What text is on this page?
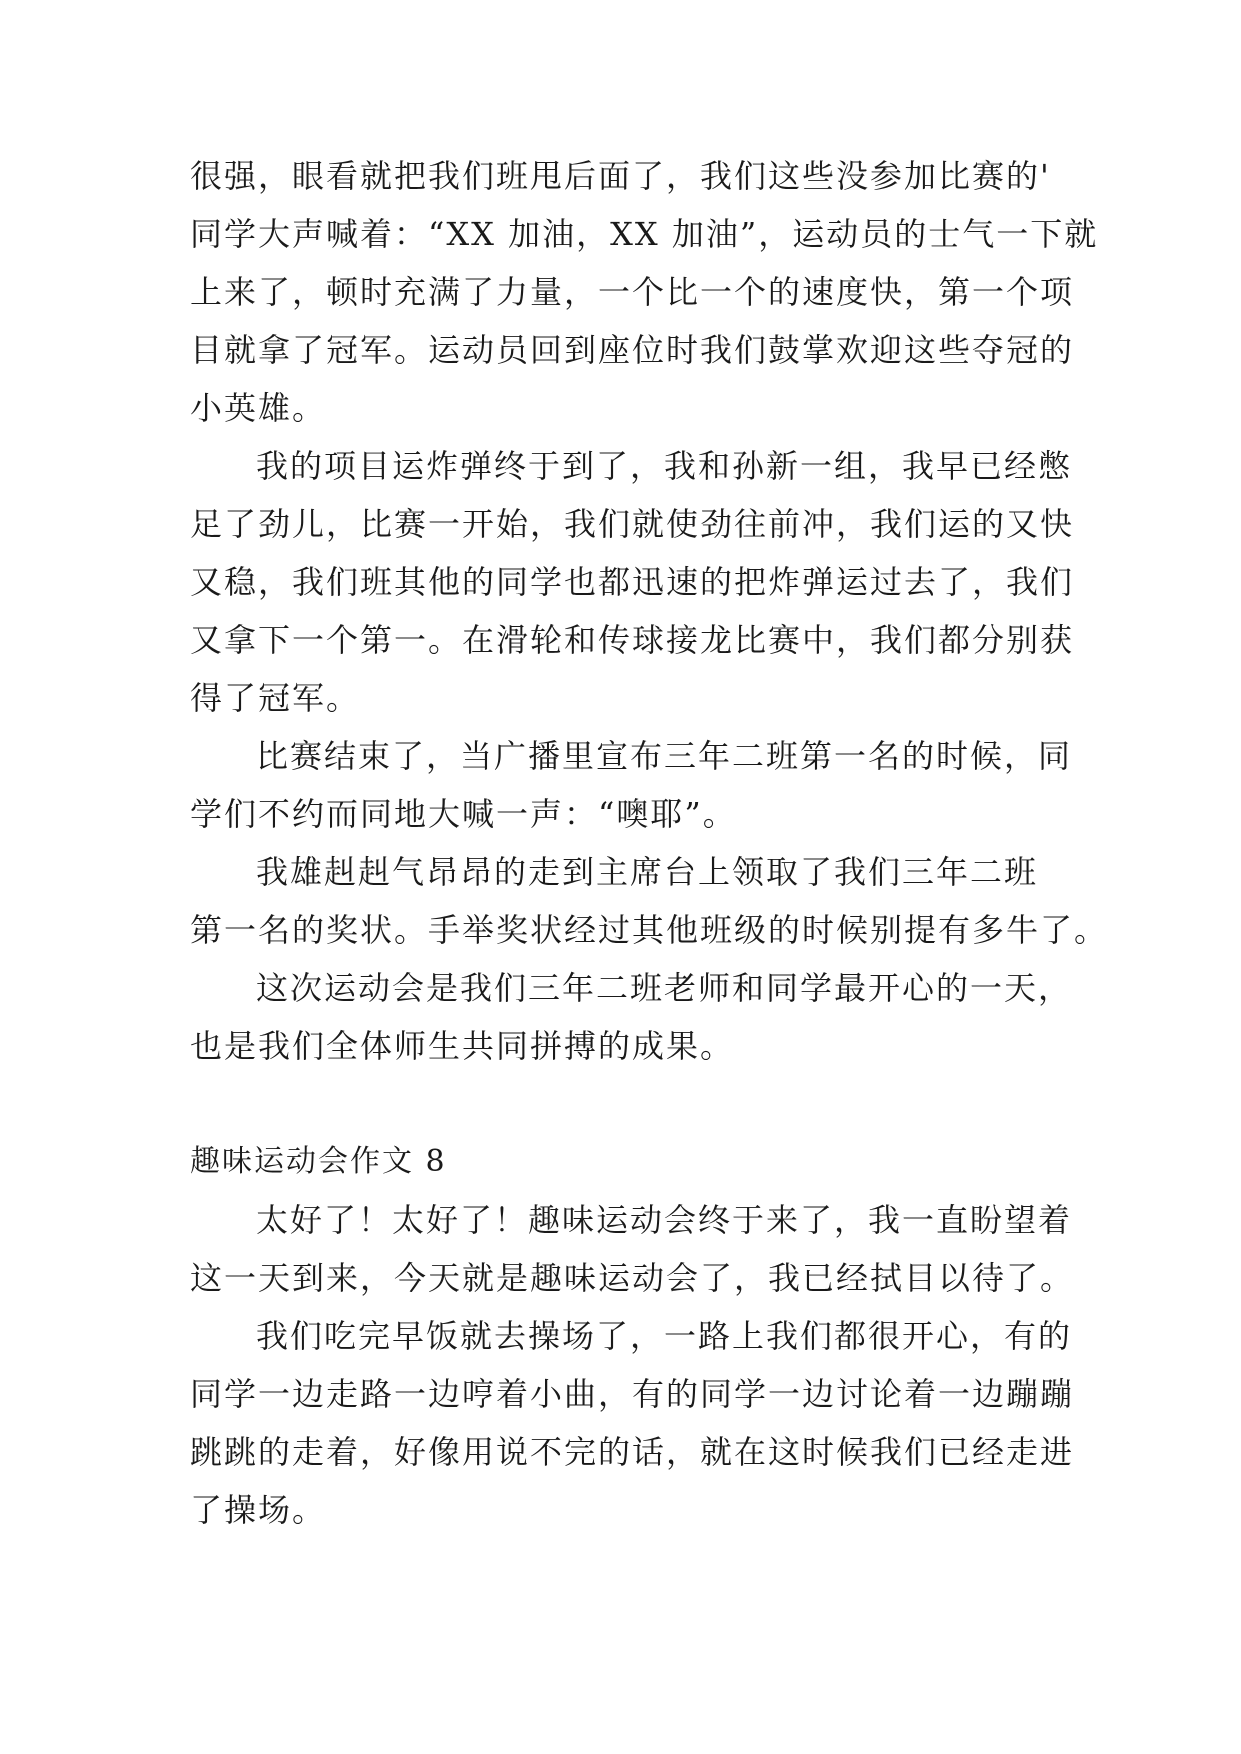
很强，眼看就把我们班甩后面了，我们这些没参加比赛的'
同学大声喊着：“XX 加油，XX 加油”，运动员的士气一下就
上来了，顿时充满了力量，一个比一个的速度快，第一个项
目就拿了冠军。运动员回到座位时我们鼓掌欢迎这些夺冠的
小英雄。
我的项目运炸弹终于到了，我和孙新一组，我早已经憋
足了劲儿，比赛一开始，我们就使劲往前冲，我们运的又快
又稳，我们班其他的同学也都迅速的把炸弹运过去了，我们
又拿下一个第一。在滑轮和传球接龙比赛中，我们都分别获
得了冠军。
比赛结束了，当广播里宣布三年二班第一名的时候，同
学们不约而同地大喊一声：“噢耶”。
我雄赳赳气昂昂的走到主席台上领取了我们三年二班
第一名的奖状。手举奖状经过其他班级的时候别提有多牛了。
这次运动会是我们三年二班老师和同学最开心的一天，
也是我们全体师生共同拼搏的成果。
趣味运动会作文 8
太好了！太好了！趣味运动会终于来了，我一直盼望着
这一天到来，今天就是趣味运动会了，我已经拭目以待了。
我们吃完早饭就去操场了，一路上我们都很开心，有的
同学一边走路一边哼着小曲，有的同学一边讨论着一边蹦蹦
跳跳的走着，好像用说不完的话，就在这时候我们已经走进
了操场。
